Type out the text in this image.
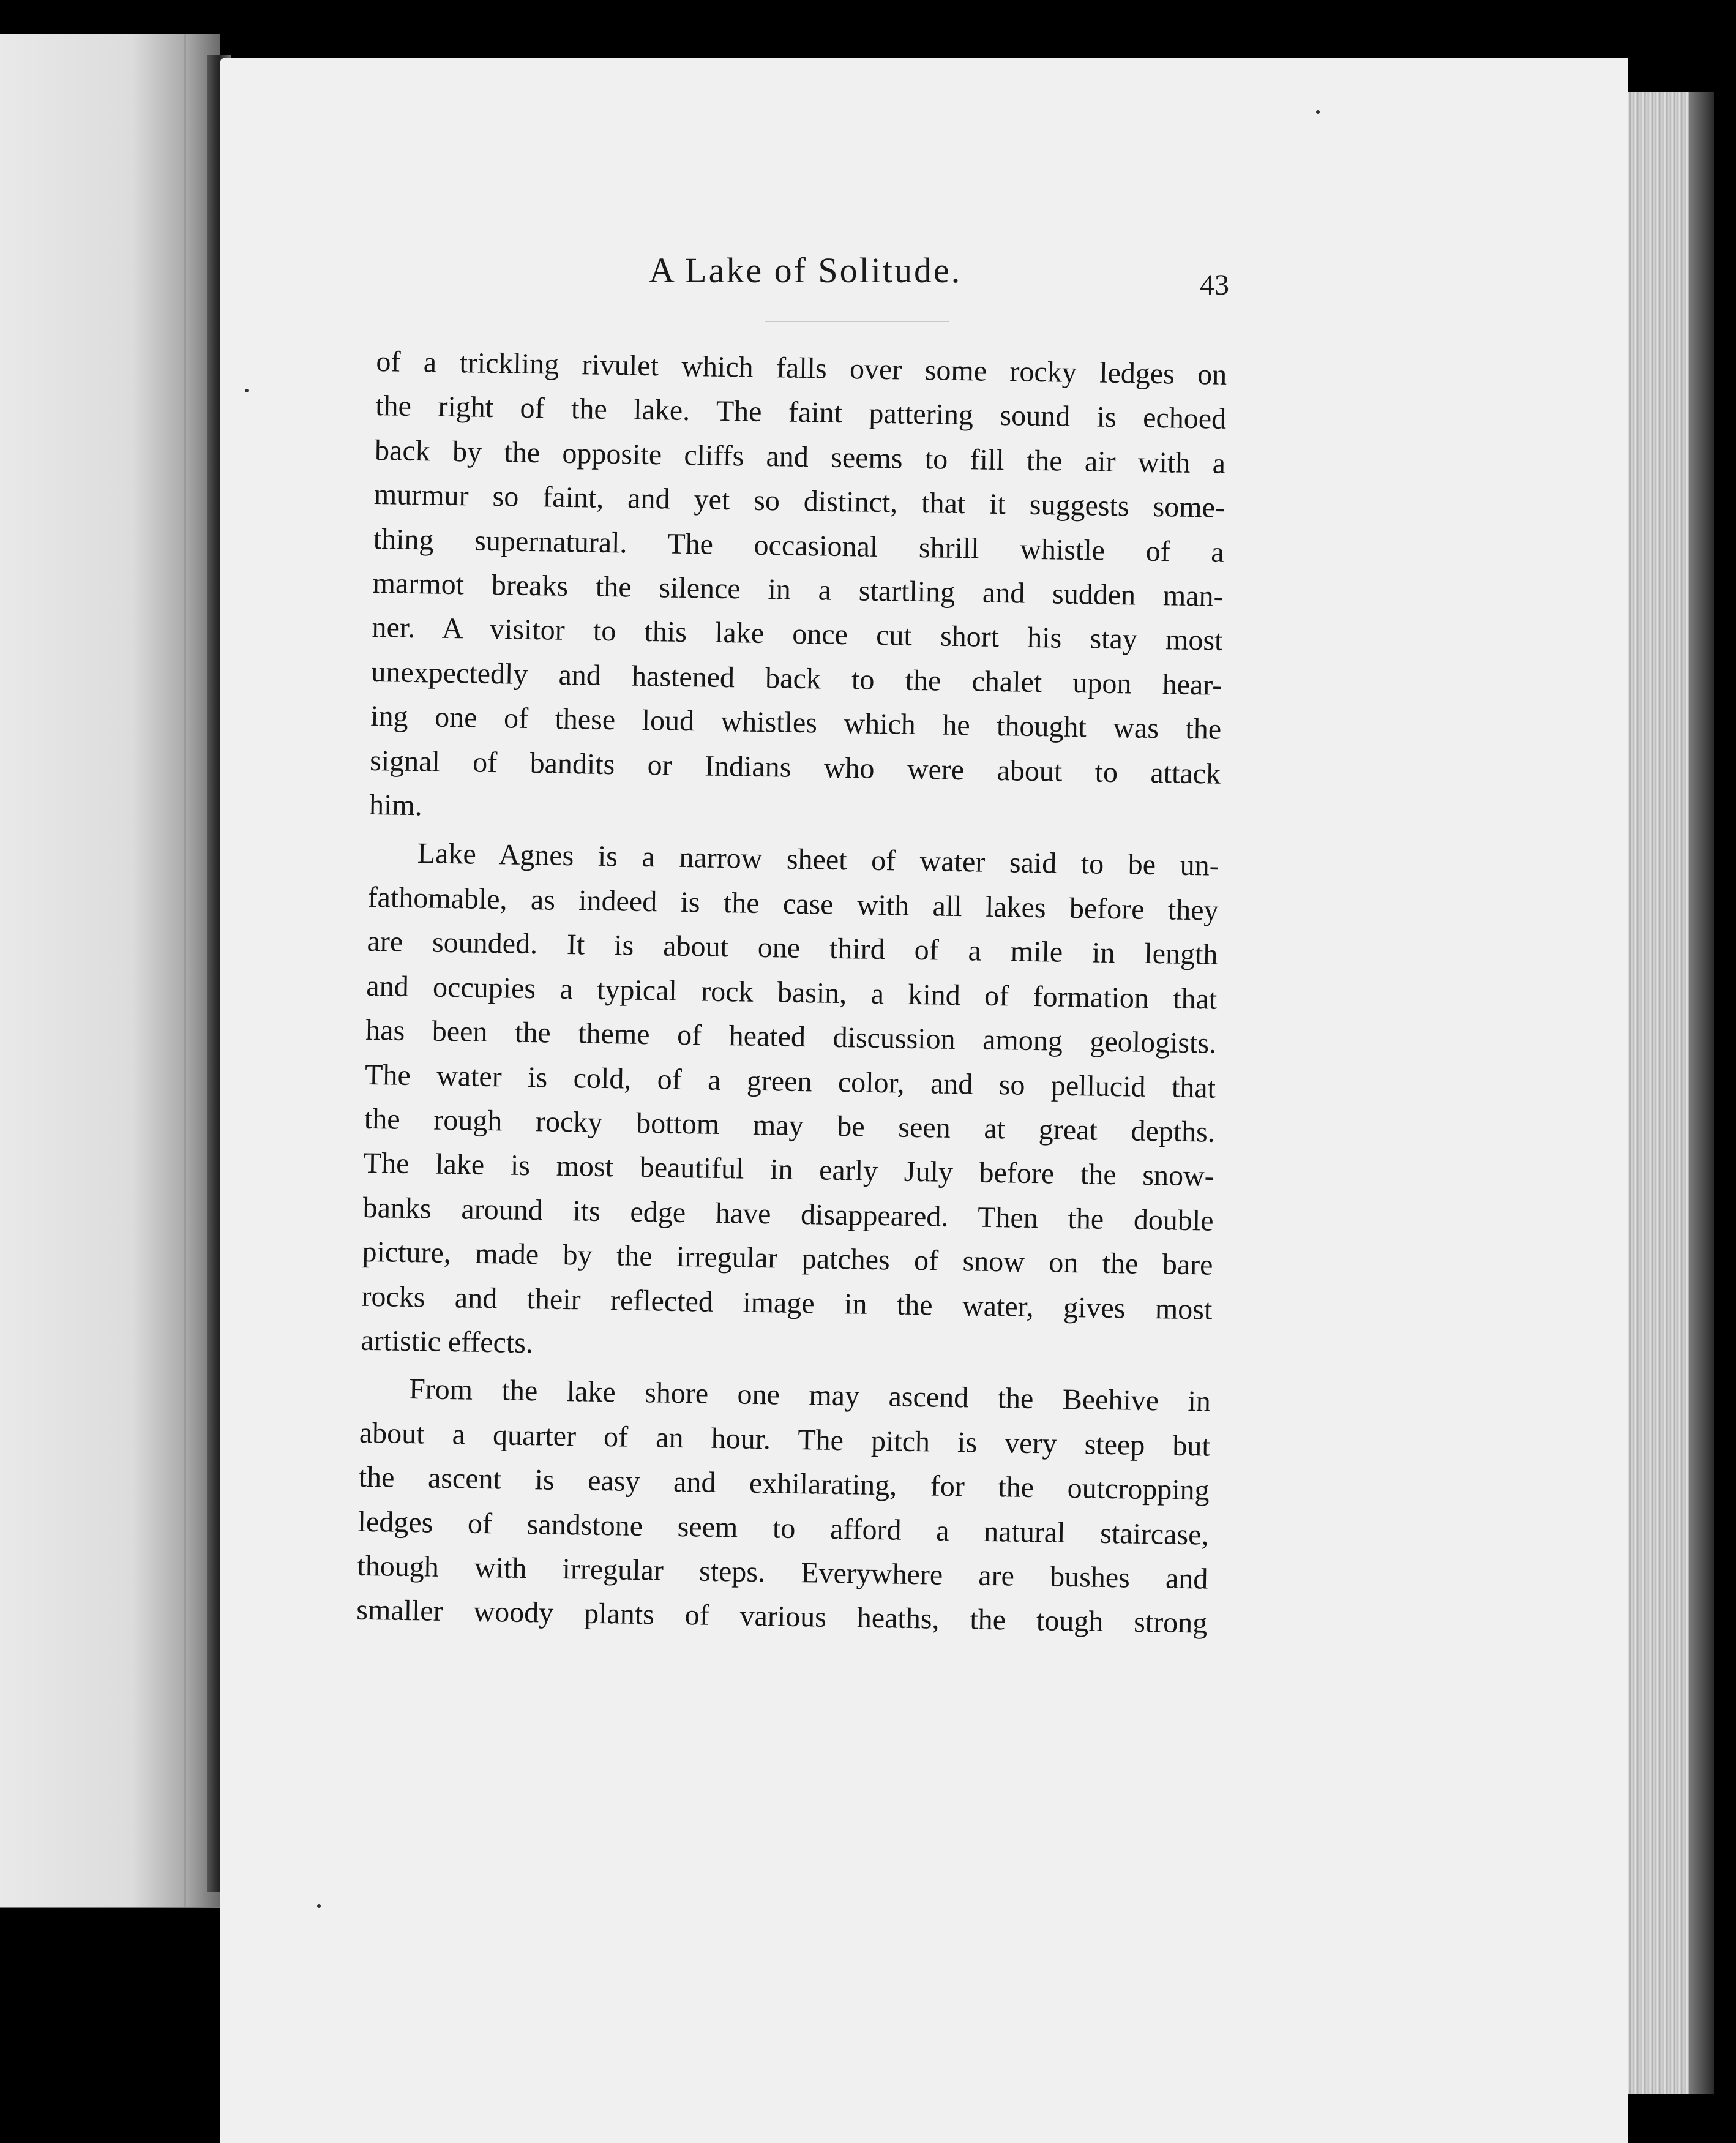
A Lake of Solitude.	43

of a trickling rivulet which falls over some rocky ledges on
the right of the lake. The faint pattering sound is echoed
back by the opposite cliffs and seems to fill the air with a
murmur so faint, and yet so distinct, that it suggests some-
thing supernatural. The occasional shrill whistle of a
marmot breaks the silence in a startling and sudden man-
ner. A visitor to this lake once cut short his stay most
unexpectedly and hastened back to the chalet upon hear-
ing one of these loud whistles which he thought was the
signal of bandits or Indians who were about to attack
him.

Lake Agnes is a narrow sheet of water said to be un-
fathomable, as indeed is the case with all lakes before they
are sounded. It is about one third of a mile in length
and occupies a typical rock basin, a kind of formation that
has been the theme of heated discussion among geologists.
The water is cold, of a green color, and so pellucid that
the rough rocky bottom may be seen at great depths.
The lake is most beautiful in early July before the snow-
banks around its edge have disappeared. Then the double
picture, made by the irregular patches of snow on the bare
rocks and their reflected image in the water, gives most
artistic effects.

From the lake shore one may ascend the Beehive in
about a quarter of an hour. The pitch is very steep but
the ascent is easy and exhilarating, for the outcropping
ledges of sandstone seem to afford a natural staircase,
though with irregular steps. Everywhere are bushes and
smaller woody plants of various heaths, the tough strong
